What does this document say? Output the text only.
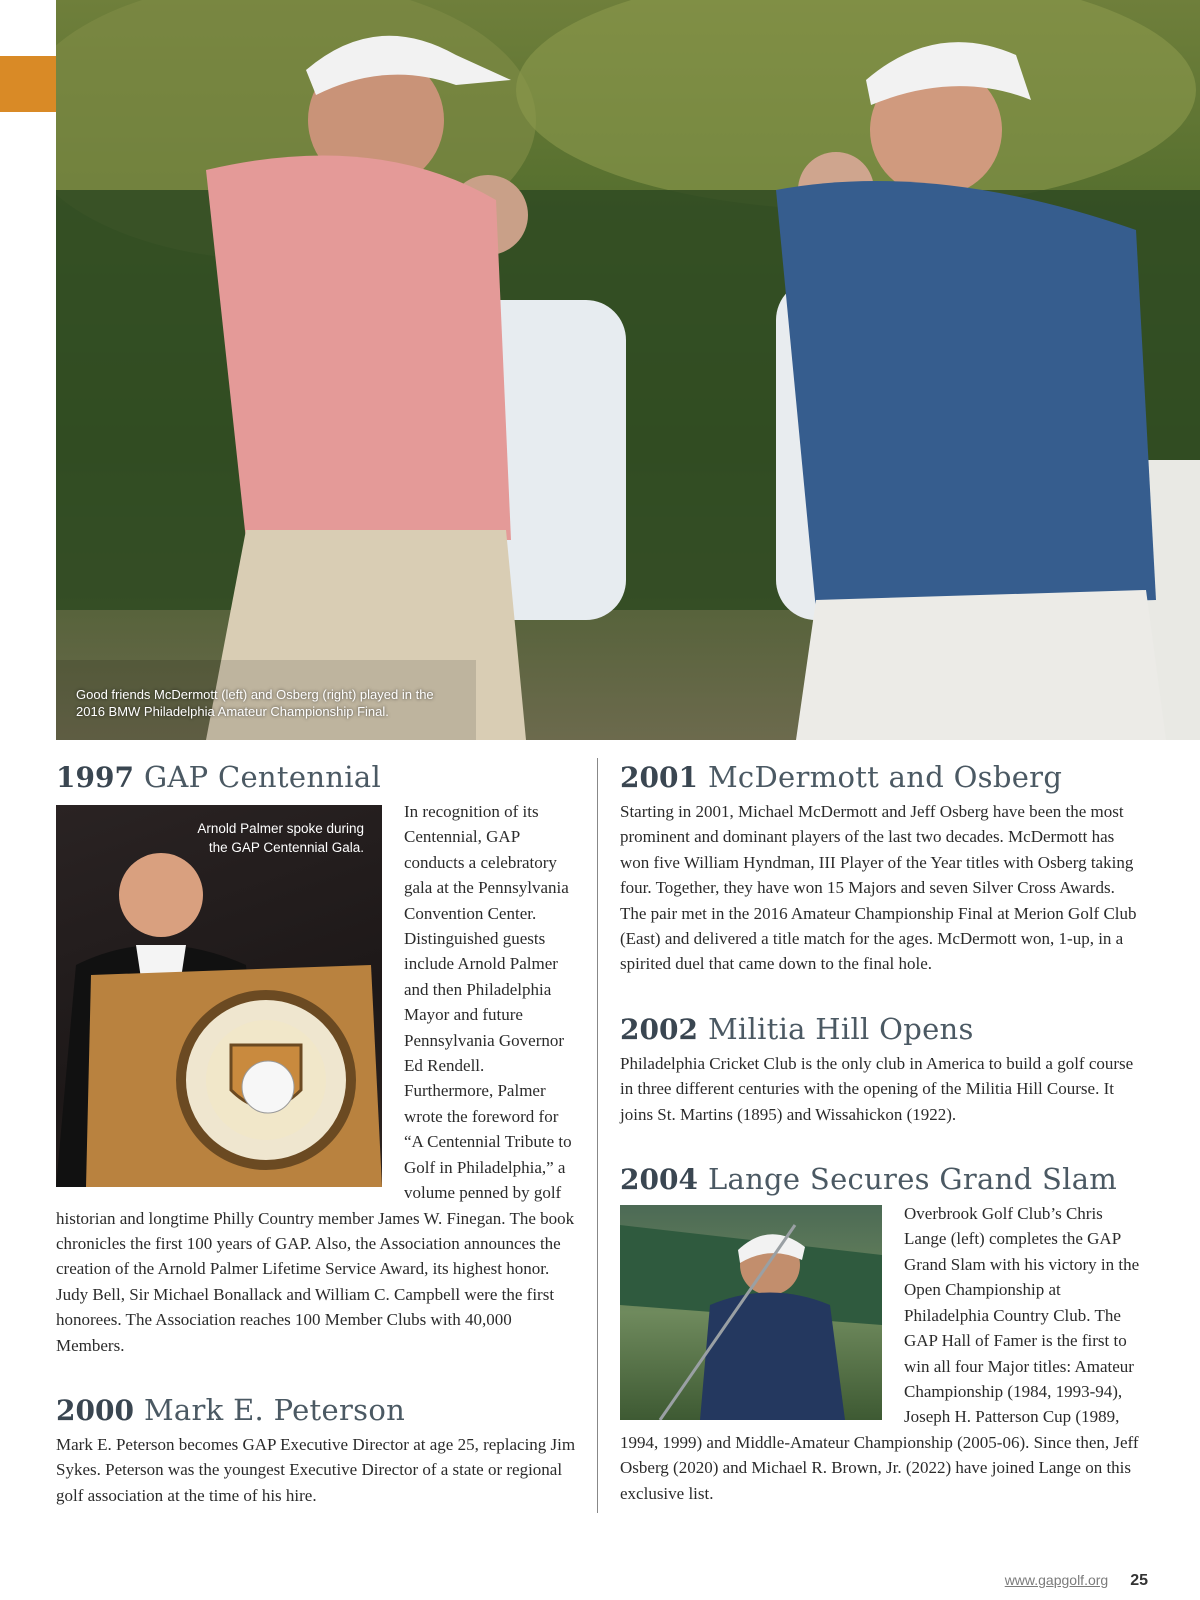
Good friends McDermott (left) and Osberg (right) played in the 2016 BMW Philadelphia Amateur Championship Final.
1997 GAP Centennial
Arnold Palmer spoke during the GAP Centennial Gala.

In recognition of its Centennial, GAP conducts a celebratory gala at the Pennsylvania Convention Center. Distinguished guests include Arnold Palmer and then Philadelphia Mayor and future Pennsylvania Governor Ed Rendell. Furthermore, Palmer wrote the foreword for “A Centennial Tribute to Golf in Philadelphia,” a volume penned by golf historian and longtime Philly Country member James W. Finegan. The book chronicles the first 100 years of GAP. Also, the Association announces the creation of the Arnold Palmer Lifetime Service Award, its highest honor. Judy Bell, Sir Michael Bonallack and William C. Campbell were the first honorees. The Association reaches 100 Member Clubs with 40,000 Members.

2000 Mark E. Peterson

Mark E. Peterson becomes GAP Executive Director at age 25, replacing Jim Sykes. Peterson was the youngest Executive Director of a state or regional golf association at the time of his hire.

2001 McDermott and Osberg

Starting in 2001, Michael McDermott and Jeff Osberg have been the most prominent and dominant players of the last two decades. McDermott has won five William Hyndman, III Player of the Year titles with Osberg taking four. Together, they have won 15 Majors and seven Silver Cross Awards. The pair met in the 2016 Amateur Championship Final at Merion Golf Club (East) and delivered a title match for the ages. McDermott won, 1-up, in a spirited duel that came down to the final hole.

2002 Militia Hill Opens

Philadelphia Cricket Club is the only club in America to build a golf course in three different centuries with the opening of the Militia Hill Course. It joins St. Martins (1895) and Wissahickon (1922).

2004 Lange Secures Grand Slam

Overbrook Golf Club’s Chris Lange (left) completes the GAP Grand Slam with his victory in the Open Championship at Philadelphia Country Club. The GAP Hall of Famer is the first to win all four Major titles: Amateur Championship (1984, 1993-94), Joseph H. Patterson Cup (1989, 1994, 1999) and Middle-Amateur Championship (2005-06). Since then, Jeff Osberg (2020) and Michael R. Brown, Jr. (2022) have joined Lange on this exclusive list.

www.gapgolf.org 25
